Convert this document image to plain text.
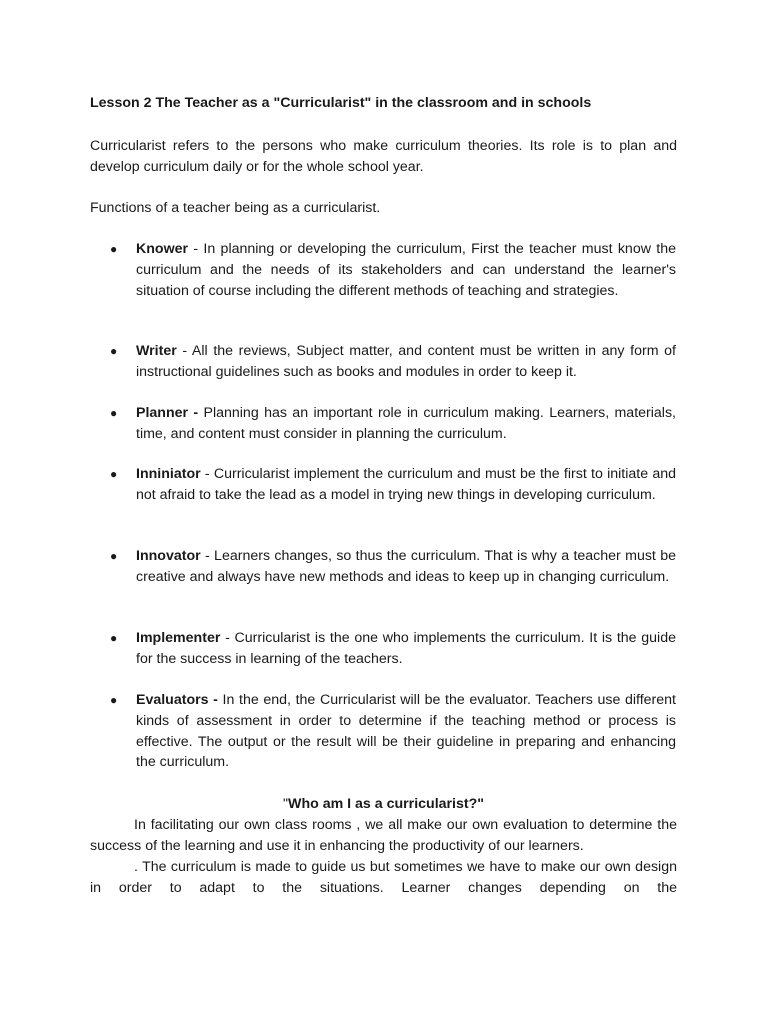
Lesson 2 The Teacher as a "Curricularist" in the classroom and in schools
Curricularist refers to the persons who make curriculum theories. Its role is to plan and develop curriculum daily or for the whole school year.
Functions of a teacher being as a curricularist.
● Knower - In planning or developing the curriculum, First the teacher must know the curriculum and the needs of its stakeholders and can understand the learner's situation of course including the different methods of teaching and strategies.
● Writer - All the reviews, Subject matter, and content must be written in any form of instructional guidelines such as books and modules in order to keep it.
● Planner - Planning has an important role in curriculum making. Learners, materials, time, and content must consider in planning the curriculum.
● Inniniator - Curricularist implement the curriculum and must be the first to initiate and not afraid to take the lead as a model in trying new things in developing curriculum.
● Innovator - Learners changes, so thus the curriculum. That is why a teacher must be creative and always have new methods and ideas to keep up in changing curriculum.
● Implementer - Curricularist is the one who implements the curriculum. It is the guide for the success in learning of the teachers.
● Evaluators - In the end, the Curricularist will be the evaluator. Teachers use different kinds of assessment in order to determine if the teaching method or process is effective. The output or the result will be their guideline in preparing and enhancing the curriculum.
"Who am I as a curricularist?"
In facilitating our own class rooms , we all make our own evaluation to determine the success of the learning and use it in enhancing the productivity of our learners.
. The curriculum is made to guide us but sometimes we have to make our own design in order to adapt to the situations. Learner changes depending on the
